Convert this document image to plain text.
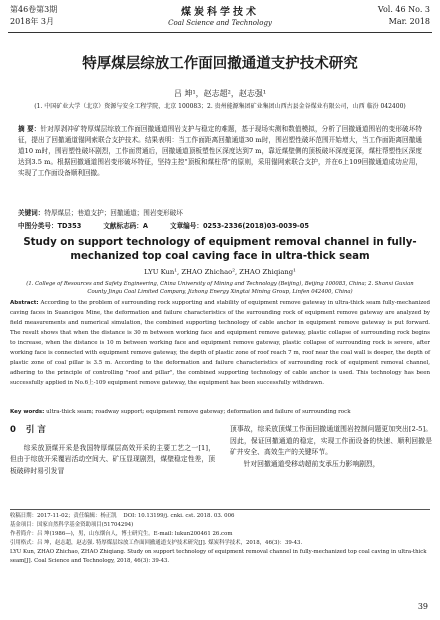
第46卷第3期
2018年 3月
煤炭科学技术
Coal Science and Technology
Vol. 46 No. 3
Mar. 2018
特厚煤层综放工作面回撤通道支护技术研究
吕 坤¹，赵志超²，赵志强¹
(1. 中国矿业大学（北京）资源与安全工程学院，北京 100083；2. 贵州能源集团矿业集团山西古县金谷煤业有限公司，山西 临汾 042400)
摘 要：针对厚剥冲矿特厚煤层综放工作面回撤通道围岩支护与稳定的难题，基于现场实测和数值模拟，分析了回撤通道围岩的变形破坏特征，提出了回撤通道锚网索联合支护技术。结果表明：当工作面距离回撤通道30 m时，围岩塑性破坏范围开始增大，当工作面距离回撤通道10 m时，围岩塑性破坏剧烈，工作面贯通后，回撤通道顶板塑性区深度达到7 m，靠近煤壁侧的顶板破坏深度更深，煤柱帮塑性区深度达到3.5 m。根据回撤通道围岩变形破坏特征，坚持主控"顶板和煤柱帮"的原则，采用锚网索联合支护，并在6上109回撤通道成功应用，实现了工作面设备顺利回撤。
关键词：特厚煤层；巷道支护；回撤通道；围岩变形破坏
中图分类号：TD353	文献标志码：A	文章编号：0253-2336(2018)03-0039-05
Study on support technology of equipment removal channel in fully-mechanized top coal caving face in ultra-thick seam
LYU Kun¹, ZHAO Zhichao², ZHAO Zhiqiang¹
(1. College of Resources and Safety Engineering, China University of Mining and Technology (Beijing), Beijing 100083, China; 2. Shanxi Guxian County Jingu Coal Limited Company, Jizhong Energy Xingtai Mining Group, Linfen 042400, China)
Abstract: According to the problem of surrounding rock supporting and stability of equipment remove gateway in ultra-thick seam fully-mechanized caving faces in Suancigou Mine, the deformation and failure characteristics of the surrounding rock of equipment remove gateway are analyzed by field measurements and numerical simulation, the combined supporting technology of cable anchor in equipment remove gateway is put forward. The result shows that when the distance is 30 m between working face and equipment remove gateway, plastic collapse of surrounding rock begins to increase, when the distance is 10 m between working face and equipment remove gateway, plastic collapse of surrounding rock is severe, after working face is connected with equipment remove gateway, the depth of plastic zone of roof reach 7 m, roof near the coal wall is deeper, the depth of plastic zone of coal pillar is 3.5 m. According to the deformation and failure characteristics of surrounding rock of equipment removal channel, adhering to the principle of controlling "roof and pillar", the combined supporting technology of cable anchor is used. This technology has been successfully applied in No.6上-109 equipment remove gateway, the equipment has been successfully withdrawn.
Key words: ultra-thick seam; roadway support; equipment remove gateway; deformation and failure of surrounding rock
0 引 言

综采放顶煤开采是我国特厚煤层高效开采的主要工艺之一[1]，但由于综放开采覆岩活动空间大、矿压显现剧烈，煤壁稳定性差，顶板破碎时易引发冒

顶事故，综采放顶煤工作面回撤通道围岩控制问题更加突出[2-5]。因此，保证回撤通道的稳定，实现工作面设备的快速、顺利回撤是矿井安全、高效生产的关键环节。

针对回撤通道受移动超前支承压力影响剧烈，

收稿日期：2017-11-02；责任编辑：杨正凯 DOI: 10.13199/j. cnki. cst. 2018. 03. 006
基金项目：国家自然科学基金资助项目(51704294)
作者简介：吕 坤(1986—)，男，山东烟台人，博士研究生。E-mail: lukun200461 26.com
引用格式：吕 坤，赵志超，赵志强. 特厚煤层综放工作面回撤通道支护技术研究[J]. 煤炭科学技术，2018，46(3)：39-43.
LYU Kun, ZHAO Zhichao, ZHAO Zhiqiang. Study on support technology of equipment removal channel in fully-mechanized top coal caving in ultra-thick seam[J]. Coal Science and Technology, 2018, 46(3): 39-43.
39
